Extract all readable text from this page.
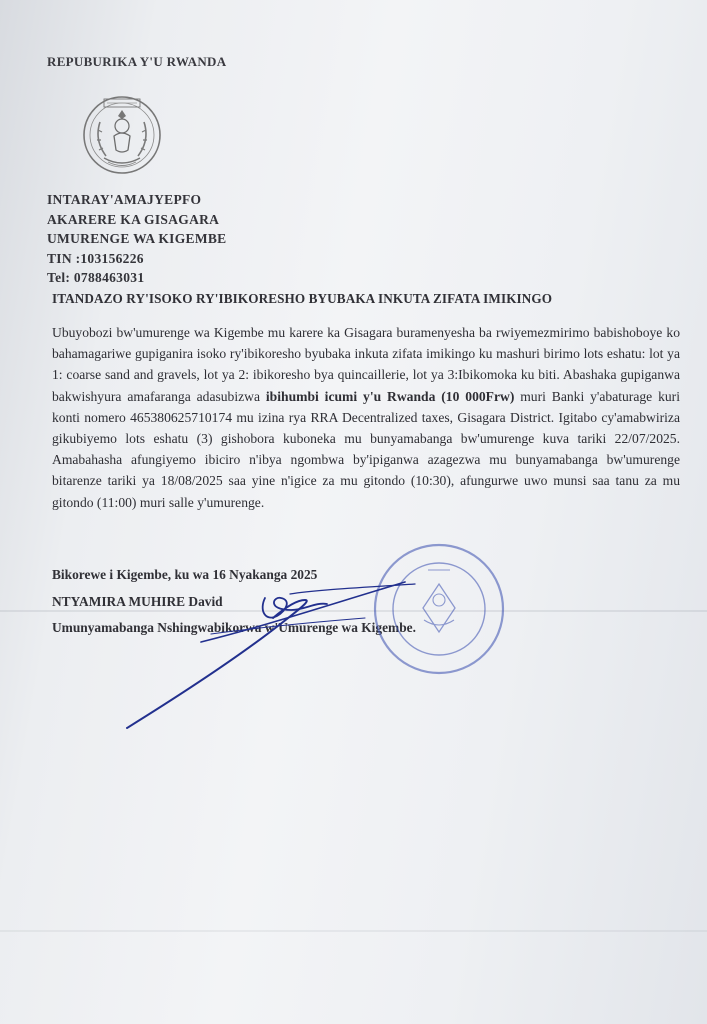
REPUBURIKA Y'U RWANDA
INTARAY'AMAJYEPFO
AKARERE KA GISAGARA
UMURENGE WA KIGEMBE
TIN :103156226
Tel: 0788463031
ITANDAZO RY'ISOKO RY'IBIKORESHO BYUBAKA INKUTA ZIFATA IMIKINGO
Ubuyobozi bw'umurenge wa Kigembe mu karere ka Gisagara buramenyesha ba rwiyemezmirimo babishoboye ko bahamagariwe gupiganira isoko ry'ibikoresho byubaka inkuta zifata imikingo ku mashuri birimo lots eshatu: lot ya 1: coarse sand and gravels, lot ya 2: ibikoresho bya quincaillerie, lot ya 3:Ibikomoka ku biti. Abashaka gupiganwa bakwishyura amafaranga adasubizwa ibihumbi icumi y'u Rwanda (10 000Frw) muri Banki y'abaturage kuri konti nomero 465380625710174 mu izina rya RRA Decentralized taxes, Gisagara District. Igitabo cy'amabwiriza gikubiyemo lots eshatu (3) gishobora kuboneka mu bunyamabanga bw'umurenge kuva tariki 22/07/2025. Amabahasha afungiyemo ibiciro n'ibya ngombwa by'ipiganwa azagezwa mu bunyamabanga bw'umurenge bitarenze tariki ya 18/08/2025 saa yine n'igice za mu gitondo (10:30), afungurwe uwo munsi saa tanu za mu gitondo (11:00) muri salle y'umurenge.
Bikorewe i Kigembe, ku wa 16 Nyakanga 2025
NTYAMIRA MUHIRE David
Umunyamabanga Nshingwabikorwa w'Umurenge wa Kigembe.
